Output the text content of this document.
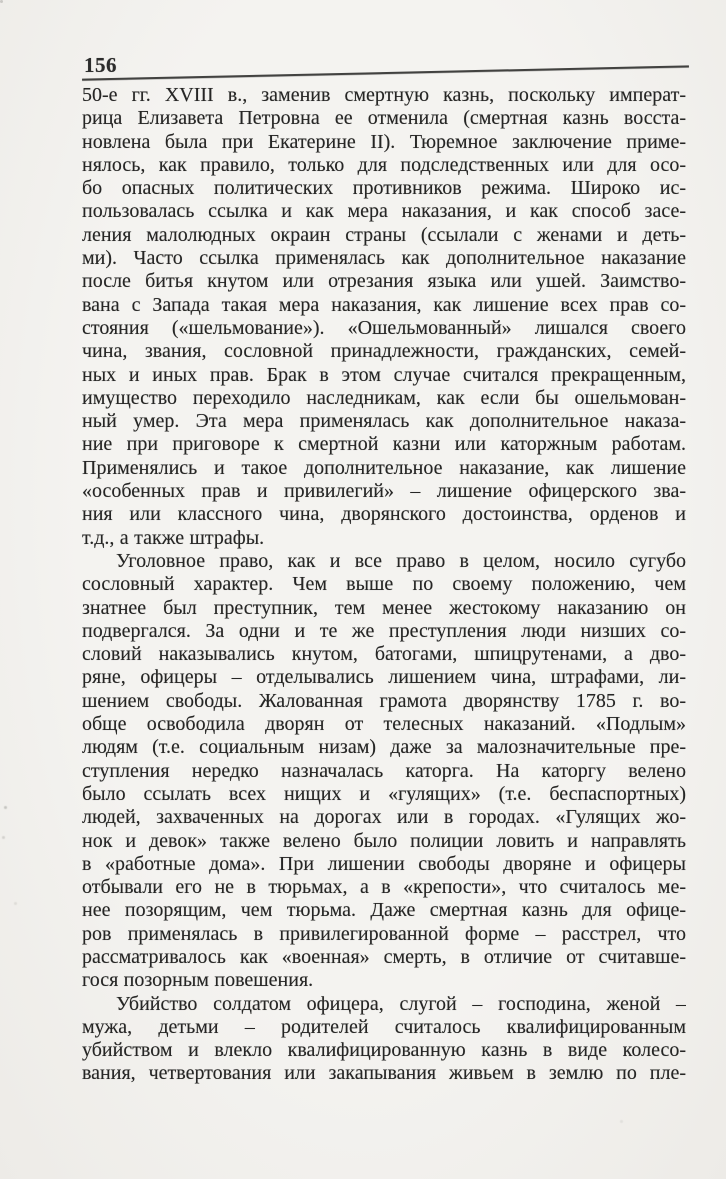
156
50-е гг. XVIII в., заменив смертную казнь, поскольку императ-
рица Елизавета Петровна ее отменила (смертная казнь восста-
новлена была при Екатерине II). Тюремное заключение приме-
нялось, как правило, только для подследственных или для осо-
бо опасных политических противников режима. Широко ис-
пользовалась ссылка и как мера наказания, и как способ засе-
ления малолюдных окраин страны (ссылали с женами и деть-
ми). Часто ссылка применялась как дополнительное наказание
после битья кнутом или отрезания языка или ушей. Заимство-
вана с Запада такая мера наказания, как лишение всех прав со-
стояния («шельмование»). «Ошельмованный» лишался своего
чина, звания, сословной принадлежности, гражданских, семей-
ных и иных прав. Брак в этом случае считался прекращенным,
имущество переходило наследникам, как если бы ошельмован-
ный умер. Эта мера применялась как дополнительное наказа-
ние при приговоре к смертной казни или каторжным работам.
Применялись и такое дополнительное наказание, как лишение
«особенных прав и привилегий» – лишение офицерского зва-
ния или классного чина, дворянского достоинства, орденов и
т.д., а также штрафы.
Уголовное право, как и все право в целом, носило сугубо
сословный характер. Чем выше по своему положению, чем
знатнее был преступник, тем менее жестокому наказанию он
подвергался. За одни и те же преступления люди низших со-
словий наказывались кнутом, батогами, шпицрутенами, а дво-
ряне, офицеры – отделывались лишением чина, штрафами, ли-
шением свободы. Жалованная грамота дворянству 1785 г. во-
обще освободила дворян от телесных наказаний. «Подлым»
людям (т.е. социальным низам) даже за малозначительные пре-
ступления нередко назначалась каторга. На каторгу велено
было ссылать всех нищих и «гулящих» (т.е. беспаспортных)
людей, захваченных на дорогах или в городах. «Гулящих жо-
нок и девок» также велено было полиции ловить и направлять
в «работные дома». При лишении свободы дворяне и офицеры
отбывали его не в тюрьмах, а в «крепости», что считалось ме-
нее позорящим, чем тюрьма. Даже смертная казнь для офице-
ров применялась в привилегированной форме – расстрел, что
рассматривалось как «военная» смерть, в отличие от считавше-
гося позорным повешения.
Убийство солдатом офицера, слугой – господина, женой –
мужа, детьми – родителей считалось квалифицированным
убийством и влекло квалифицированную казнь в виде колесо-
вания, четвертования или закапывания живьем в землю по пле-
